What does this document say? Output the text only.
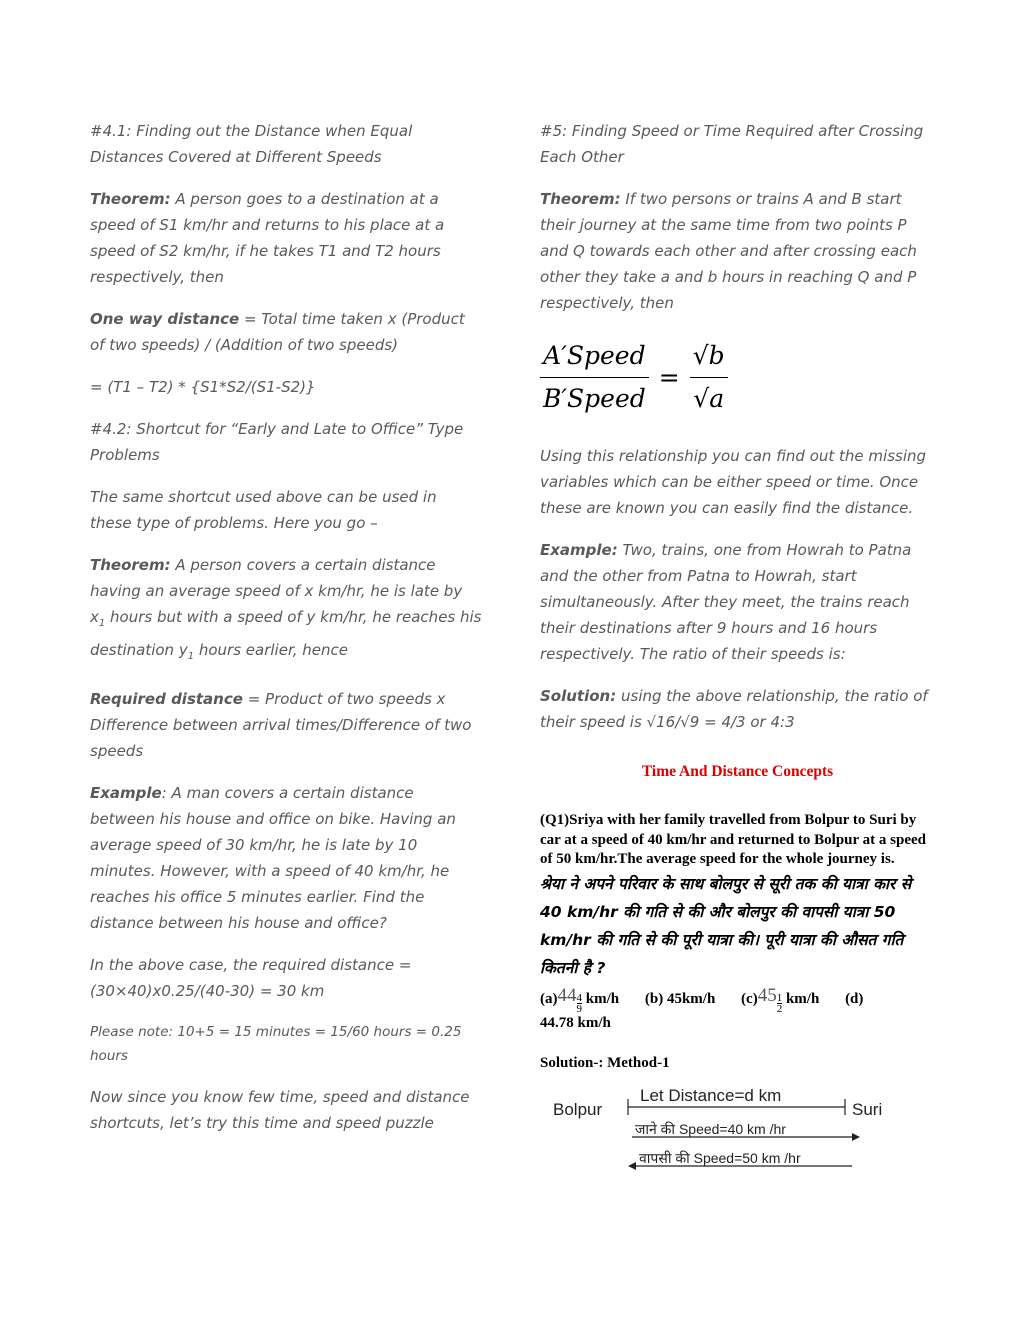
#4.1: Finding out the Distance when Equal Distances Covered at Different Speeds

Theorem: A person goes to a destination at a speed of S1 km/hr and returns to his place at a speed of S2 km/hr, if he takes T1 and T2 hours respectively, then

One way distance = Total time taken x (Product of two speeds) / (Addition of two speeds)

= (T1 – T2) * {S1*S2/(S1-S2)}

#4.2: Shortcut for “Early and Late to Office” Type Problems

The same shortcut used above can be used in these type of problems. Here you go –

Theorem: A person covers a certain distance having an average speed of x km/hr, he is late by $x_1$ hours but with a speed of y km/hr, he reaches his destination $y_1$ hours earlier, hence

Required distance = Product of two speeds x Difference between arrival times/Difference of two speeds

Example: A man covers a certain distance between his house and office on bike. Having an average speed of 30 km/hr, he is late by 10 minutes. However, with a speed of 40 km/hr, he reaches his office 5 minutes earlier. Find the distance between his house and office?

In the above case, the required distance = (30×40)x0.25/(40-30) = 30 km

Please note: 10+5 = 15 minutes = 15/60 hours = 0.25 hours

Now since you know few time, speed and distance shortcuts, let’s try this time and speed puzzle

#5: Finding Speed or Time Required after Crossing Each Other

Theorem: If two persons or trains A and B start their journey at the same time from two points P and Q towards each other and after crossing each other they take a and b hours in reaching Q and P respectively, then

$\frac{\text{A′Speed}}{\text{B′Speed}} = \frac{√b}{√a}$

Using this relationship you can find out the missing variables which can be either speed or time. Once these are known you can easily find the distance.

Example: Two, trains, one from Howrah to Patna and the other from Patna to Howrah, start simultaneously. After they meet, the trains reach their destinations after 9 hours and 16 hours respectively. The ratio of their speeds is:

Solution: using the above relationship, the ratio of their speed is √16/√9 = 4/3 or 4:3

Time And Distance Concepts
(Q1)Sriya with her family travelled from Bolpur to Suri by car at a speed of 40 km/hr and returned to Bolpur at a speed of 50 km/hr.The average speed for the whole journey is.
श्रेया ने अपने परिवार के साथ बोलपुर से सूरी तक की यात्रा कार से 40 km/hr की गति से की और बोलपुर की वापसी यात्रा 50 km/hr की गति से की पूरी यात्रा की। पूरी यात्रा की औसत गति कितनी है ?
$(a)44 \frac{4}{9} km/h$ (b) 45km/h $(c)45 \frac{1}{2} km/h$ (d)
44.78 km/h
Solution-: Method-1
Bolpur	Suri
Let Distance=d km
जाने की Speed=40 km /hr
वापसी की Speed=50 km /hr
